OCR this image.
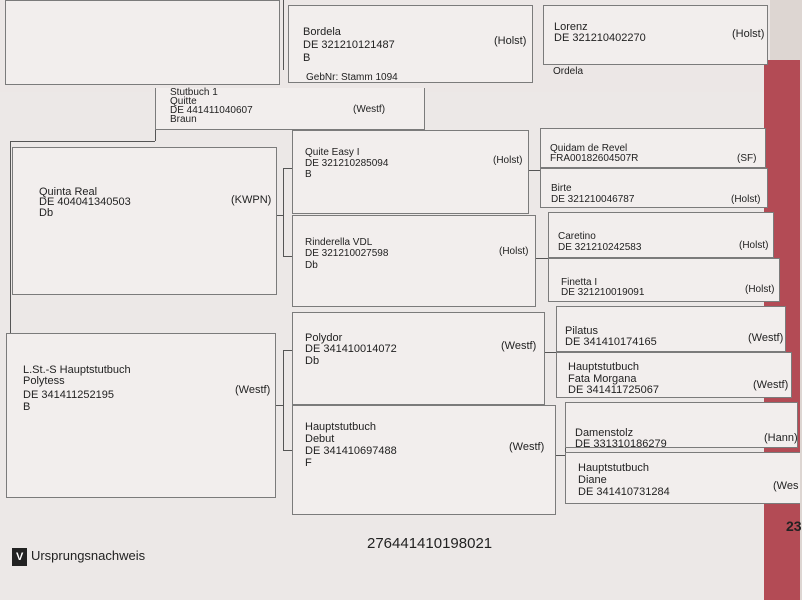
Bordela
DE 321210121487
B
(Holst)
GebNr: Stamm 1094
Lorenz
DE 321210402270	(Holst)
Ordela
Stutbuch 1
Quitte
DE 441411040607	(Westf)
Braun
Quinta Real
DE 404041340503
Db
(KWPN)
L.St.-S Hauptstutbuch
Polytess
DE 341411252195
B
(Westf)
Quite Easy I
DE 321210285094
B
(Holst)
Rinderella VDL
DE 321210027598
Db
(Holst)
Polydor
DE 341410014072
Db
(Westf)
Hauptstutbuch
Debut
DE 341410697488
F
(Westf)
Quidam de Revel
FRA00182604507R	(SF)
Birte
DE 321210046787	(Holst)
Caretino
DE 321210242583	(Holst)
Finetta I
DE 321210019091	(Holst)
Pilatus
DE 341410174165	(Westf)
Hauptstutbuch
Fata Morgana
DE 341411725067	(Westf)
Damenstolz
DE 331310186279	(Hann)
Hauptstutbuch
Diane
DE 341410731284	(Wes
V Ursprungsnachweis
276441410198021
23
